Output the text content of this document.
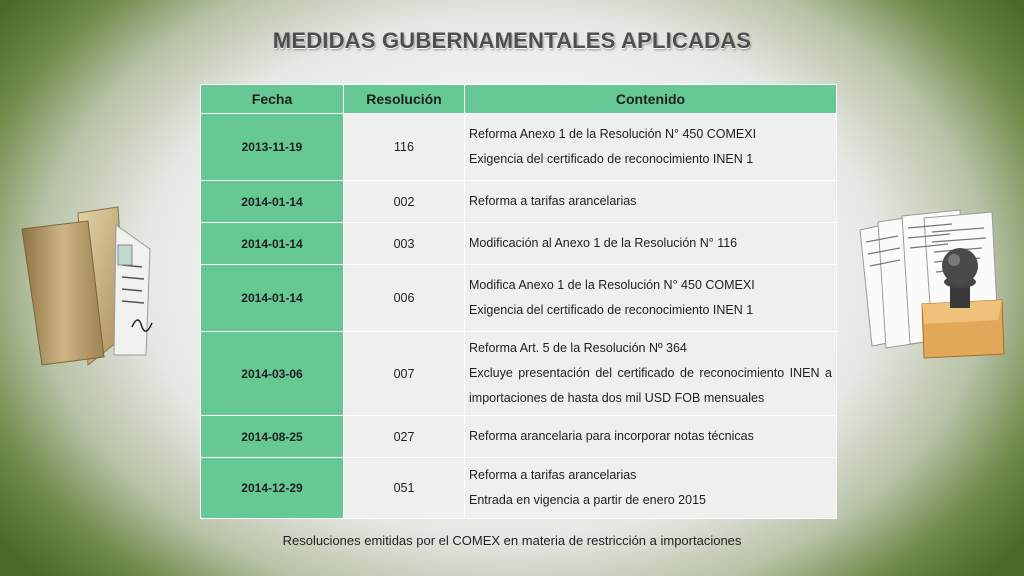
MEDIDAS GUBERNAMENTALES APLICADAS
Fecha	Resolución	Contenido
2013-11-19	116	Reforma Anexo 1 de la Resolución N° 450 COMEXI
Exigencia del certificado de reconocimiento INEN 1

2014-01-14	002	Reforma a tarifas arancelarias

2014-01-14	003	Modificación al Anexo 1 de la Resolución N° 116

2014-01-14	006	Modifica Anexo 1 de la Resolución N° 450 COMEXI
Exigencia del certificado de reconocimiento INEN 1

2014-03-06	007	Reforma Art. 5 de la Resolución Nº 364
Excluye presentación del certificado de reconocimiento INEN a importaciones de hasta dos mil USD FOB mensuales

2014-08-25	027	Reforma arancelaria para incorporar notas técnicas

2014-12-29	051	Reforma a tarifas arancelarias
Entrada en vigencia a partir de enero 2015
Resoluciones emitidas por el COMEX en materia de restricción a importaciones
